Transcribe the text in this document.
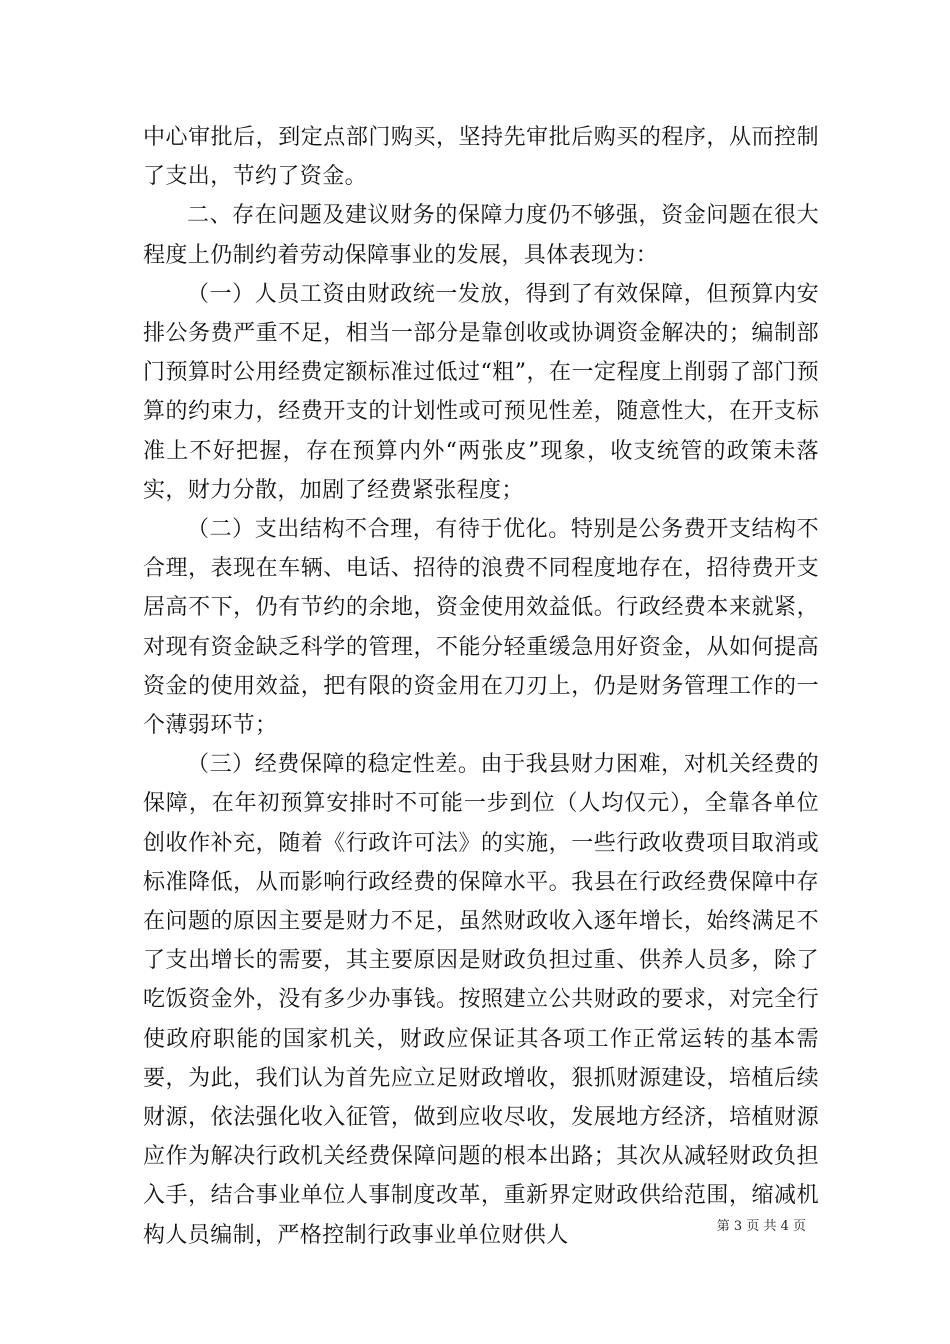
中心审批后，到定点部门购买，坚持先审批后购买的程序，从而控制了支出，节约了资金。

二、存在问题及建议财务的保障力度仍不够强，资金问题在很大程度上仍制约着劳动保障事业的发展，具体表现为：

（一）人员工资由财政统一发放，得到了有效保障，但预算内安排公务费严重不足，相当一部分是靠创收或协调资金解决的；编制部门预算时公用经费定额标准过低过“粗”，在一定程度上削弱了部门预算的约束力，经费开支的计划性或可预见性差，随意性大，在开支标准上不好把握，存在预算内外“两张皮”现象，收支统管的政策未落实，财力分散，加剧了经费紧张程度；

（二）支出结构不合理，有待于优化。特别是公务费开支结构不合理，表现在车辆、电话、招待的浪费不同程度地存在，招待费开支居高不下，仍有节约的余地，资金使用效益低。行政经费本来就紧，对现有资金缺乏科学的管理，不能分轻重缓急用好资金，从如何提高资金的使用效益，把有限的资金用在刀刃上，仍是财务管理工作的一个薄弱环节；

（三）经费保障的稳定性差。由于我县财力困难，对机关经费的保障，在年初预算安排时不可能一步到位（人均仅元），全靠各单位创收作补充，随着《行政许可法》的实施，一些行政收费项目取消或标准降低，从而影响行政经费的保障水平。我县在行政经费保障中存在问题的原因主要是财力不足，虽然财政收入逐年增长，始终满足不了支出增长的需要，其主要原因是财政负担过重、供养人员多，除了吃饭资金外，没有多少办事钱。按照建立公共财政的要求，对完全行使政府职能的国家机关，财政应保证其各项工作正常运转的基本需要，为此，我们认为首先应立足财政增收，狠抓财源建设，培植后续财源，依法强化收入征管，做到应收尽收，发展地方经济，培植财源应作为解决行政机关经费保障问题的根本出路；其次从减轻财政负担入手，结合事业单位人事制度改革，重新界定财政供给范围，缩减机构人员编制，严格控制行政事业单位财供人	第 3 页 共 4 页
